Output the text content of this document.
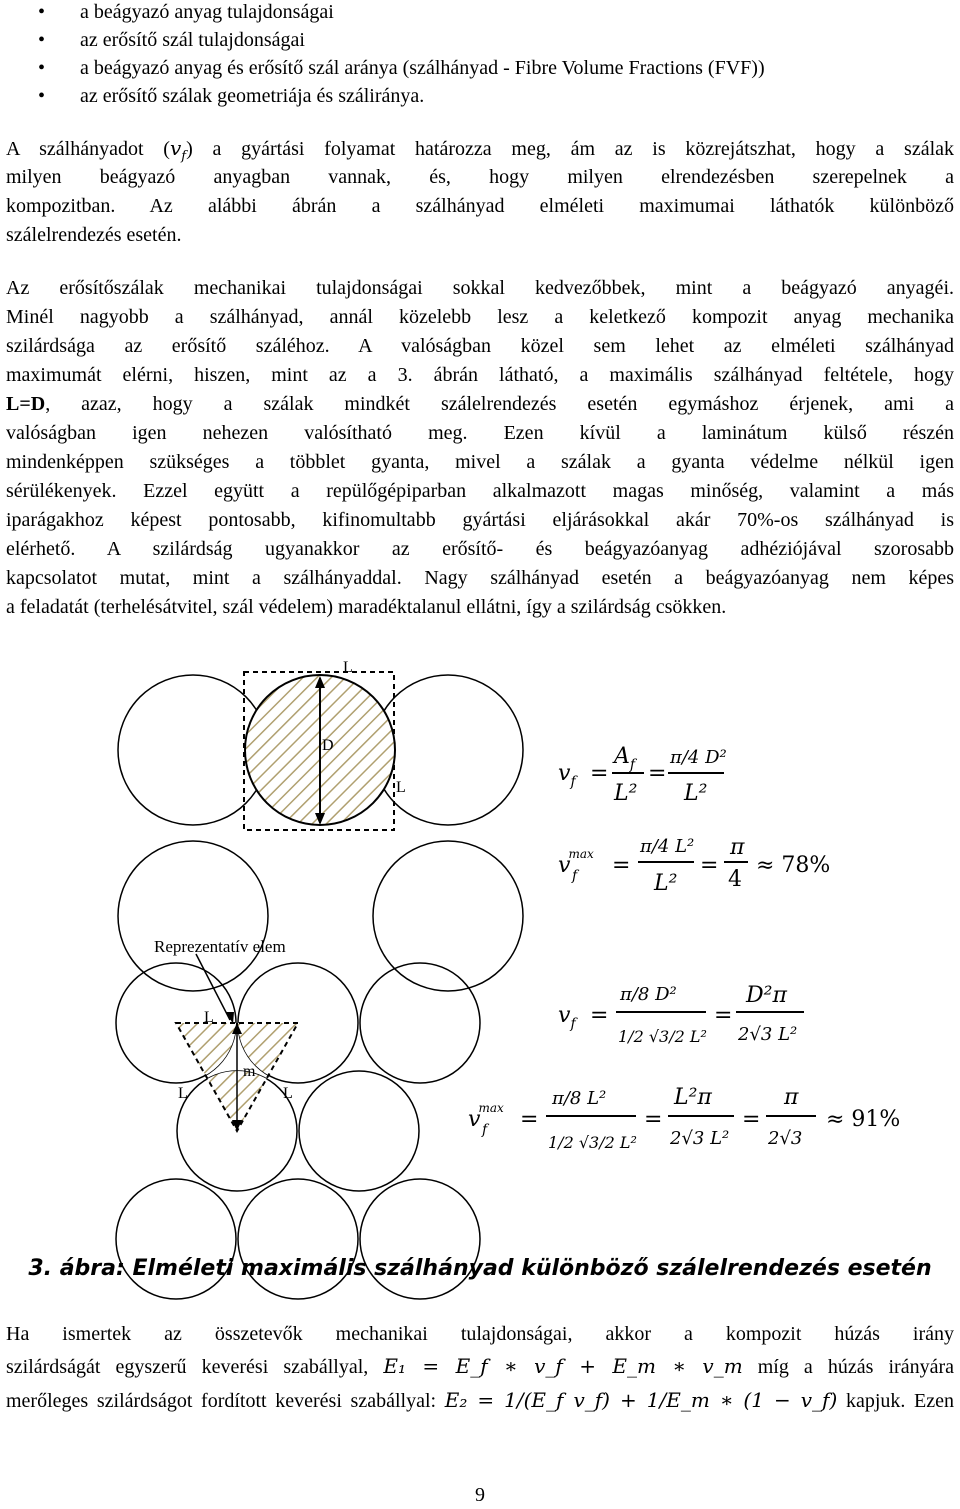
• a beágyazó anyag tulajdonságai
• az erősítő szál tulajdonságai
• a beágyazó anyag és erősítő szál aránya (szálhányad - Fibre Volume Fractions (FVF))
• az erősítő szálak geometriája és száliránya.
A szálhányadot $(v_f)$ a gyártási folyamat határozza meg, ám az is közrejátszhat, hogy a szálak
milyen beágyazó anyagban vannak, és, hogy milyen elrendezésben szerepelnek a
kompozitban. Az alábbi ábrán a szálhányad elméleti maximumai láthatók különböző
szálelrendezés esetén.
Az erősítőszálak mechanikai tulajdonságai sokkal kedvezőbbek, mint a beágyazó anyagéi.
Minél nagyobb a szálhányad, annál közelebb lesz a keletkező kompozit anyag mechanika
szilárdsága az erősítő száléhoz. A valóságban közel sem lehet az elméleti szálhányad
maximumát elérni, hiszen, mint az a 3. ábrán látható, a maximális szálhányad feltétele, hogy
L=D, azaz, hogy a szálak mindkét szálelrendezés esetén egymáshoz érjenek, ami a
valóságban igen nehezen valósítható meg. Ezen kívül a laminátum külső részén
mindenképpen szükséges a többlet gyanta, mivel a szálak a gyanta védelme nélkül igen
sérülékenyek. Ezzel együtt a repülőgépiparban alkalmazott magas minőség, valamint a más
iparágakhoz képest pontosabb, kifinomultabb gyártási eljárásokkal akár 70%-os szálhányad is
elérhető. A szilárdság ugyanakkor az erősítő- és beágyazóanyag adhéziójával szorosabb
kapcsolatot mutat, mint a szálhányaddal. Nagy szálhányad esetén a beágyazóanyag nem képes
a feladatát (terhelésátvitel, szál védelem) maradéktalanul ellátni, így a szilárdság csökken.
L
D
L
Reprezentatív elem
L
m
L	L
$v_f$ =
$A_f$
L²
=
π/4 D²
L²
vmax
f =
π/4 L²
L²
=
π
4
≈ 78%
$v_f$ =
π/8 D²
1/2 √3/2 L²
=
D²π
2√3 L²
vmax
f =
π/8 L²
1/2 √3/2 L²
=
L²π
2√3 L²
=
π
2√3
≈ 91%
3. ábra: Elméleti maximális szálhányad különböző szálelrendezés esetén
Ha ismertek az összetevők mechanikai tulajdonságai, akkor a kompozit húzás irány
szilárdságát egyszerű keverési szabállyal, E₁ = E_f ∗ v_f + E_m ∗ v_m míg a húzás irányára
merőleges szilárdságot fordított keverési szabállyal: E₂ = 1/(E_f v_f) + 1/E_m ∗ (1 − v_f) kapjuk. Ezen
9
